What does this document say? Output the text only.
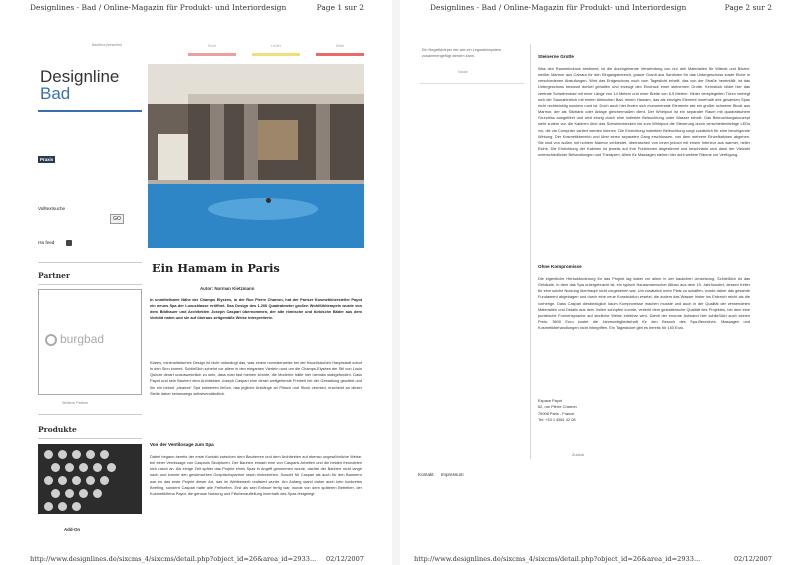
Designlines - Bad / Online-Magazin für Produkt- und Interiordesign	Page 1 sur 2
Bauflexx presented	Start	Leder	Mitte
Designline
Bad
Praxis
Volltextsuche
GO
rss feed
Partner
burgbad
Weitere Partner
Produkte
Add-On
Ein Hamam in Paris
Autor: Norman Kietzmann

In unmittelbarer Nähe der Champs Elysées, in der Rue Pierre Charron, hat der Pariser Kosmetikhersteller Payot ein neues Spa der Luxusklasse eröffnet. Das Design des 1.200 Quadratmeter großen Wohlfühltempels wurde von dem Bildhauer und Architekten Joseph Caspari übernommen, der alte römische und türkische Bäder aus dem Vorbild nahm und sie auf überaus zeitgemäße Weise interpretierte.

Klares, minimalistisches Design ist nicht unbedingt das, was einem normalerweise bei der französischen Hauptstadt sofort in den Sinn kommt. Schließlich scheint vor allem in den eleganten Vierteln rund um die Champs-Elysées der Stil von Louis Quinze derart unausweichlich zu sein, dass man fast meinen könnte, die Moderne hätte hier niemals stattgefunden. Dass Payot und sein Bauherr dem Architekten Joseph Caspari eine derart weitgehende Freiheit bei der Gestaltung gewährt und ihn ein betont „cleanes“ Spa entwerfen ließen, das jegliche Anklänge an Plüsch und Stuck vermied, erscheint an dieser Stelle daher keineswegs selbstverständlich.

Von der Ventilosage zum Spa

Dabei begann bereits der erste Kontakt zwischen dem Bauherren und dem Architekten auf ebenso ungewöhnliche Weise: bei einer Vernissage von Casparis Skulpturen. Der Bauherr erwarb eine von Casparis Arbeiten und die beiden freundeten sich rasch an. Als einige Zeit später das Projekt eines Spas in Angriff genommen wurde, dachte der Bauherr nicht lange nach und konnte den gewünschten Gesprächspartner rasch einbeziehen. Sowohl für Caspari als auch für den Bauherrn war es das erste Projekt dieser Art, das im Wettbewerb realisiert wurde. Am Anfang stand daher auch kein konkretes Briefing, sondern Caspari hatte alle Freiheiten. Erst als sein Entwurf fertig war, wurde von dem späteren Betreiber, der Kosmetikfirma Payot, die genaue Nutzung und Flächenaufteilung innerhalb des Spas festgelegt.

http://www.designlines.de/sixcms_4/sixcms/detail.php?object_id=26&area_id=2933... 02/12/2007
Designlines - Bad / Online-Magazin für Produkt- und Interiordesign	Page 2 sur 2
Ein Negativkörper der wie ein Legosteinsystem zusammengefügt werden kann.
Nadar
Steinerne Grotte

Was den Raumeindruck bestimmt, ist die durchgehende Verwendung von nur drei Materialien für Wände und Böden: weißer Marmor aus Carrara für den Eingangsbereich, grauer Granit aus Sardinien für das Untergeschoss sowie Eiche in verschiedenen Abstufungen. Wird das Erdgeschoss noch vom Tageslicht erhellt, das von der Straße hereinfällt, ist das Untergeschoss bewusst dunkel gehalten und erzeugt den Eindruck einer steinernen Grotte. Kernstück bildet hier das zentrale Schwimmbad mit einer Länge von 14 Metern und einer Breite von 6,5 Metern. Hinter verspiegelten Türen verbirgt sich der Saunabereich mit einem türkischen Bad, einem Hamam, das als einziges Element innerhalb des gesamten Spas nicht rechtwinklig sondern rund ist. Doch auch hier finden sich monumentale Elemente wie ein großer schwerer Block aus Marmor, der als Sitzbank oder Ablage gleichermaßen dient. Der Whirlpool ist ein separater Raum mit quadratischem Grundriss ausgeführt und wird einzig durch eine indirekte Beleuchtung unter Wasser erhellt. Das Beleuchtungskonzept sieht zudem vor, die Kabinen über das Schwimmbecken bis zum Whirlpool die Steuerung durch verschiedenfarbige LEDs vor, die via Computer variiert werden können. Die Einrichtung indirekter Beleuchtung sorgt zusätzlich für eine beruhigende Wirkung. Der Kosmetikbereich und über einen separaten Gang erschlossen, von dem mehrere Einzelkabinen abgehen. Sie sind von außen mit hohlem Marmor verkleidet, überraschen von innen jedoch mit einem Interieur aus warmer, heller Eiche. Die Einrichtung der Kabinen ist jeweils auf ihre Funktionen abgestimmt und beschränkt sich dank der Vielzahl unterschiedlicher Behandlungen und Therapien. Allein für Massagen stehen hier acht weitere Räume zur Verfügung.

Ohne Kompromisse

Die eigentliche Herausforderung für das Projekt lag dabei vor allem in der baulichen Umsetzung. Schließlich ist das Gebäude, in dem das Spa untergebracht ist, ein typisch Haussmannscher Altbau aus dem 19. Jahrhundert, dessen Keller für eine solche Nutzung überhaupt nicht vorgesehen war. Um zusätzlich mehr Platz zu schaffen, wurde daher das gesamte Fundament abgetragen und durch eine neue Konstruktion ersetzt, die zudem das Wasser hinter ins Erdreich reicht als die vorherige. Dass Caspari diesbezüglich kaum Kompromisse machen musste und auch in der Qualität der verwendeten Materialien und Details aus dem Vollen schöpfen konnte, verleiht dem gestalterische Qualität des Projektes, bei dem eine puristische Formensprache auf sinnliche Weise erlebbar wird. Damit der enorme Aufwand hier schließlich auch seinen Preis: 3600 Euro kostet die Jahresmitgliedschaft für den Besuch des Spa-Bereiches. Massagen und Kosmetikbehandlungen nicht inbegriffen. Ein Tagesticket gibt es bereits für 150 Euro.

Espace Payot
62, rue Pierre Charron
75008 Paris - France
Tel: +33 1 4561 42 08
Zurück
Kontakt Impressum
http://www.designlines.de/sixcms_4/sixcms/detail.php?object_id=26&area_id=2933...	02/12/2007
